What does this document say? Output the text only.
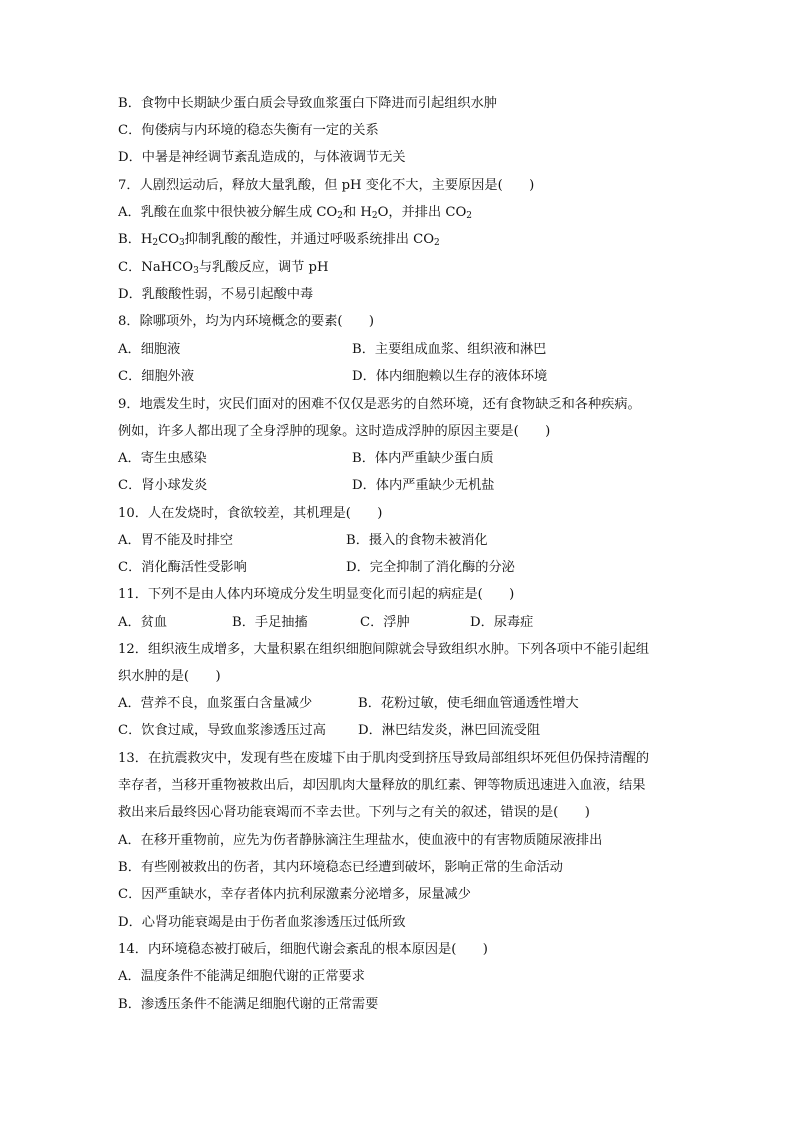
B．食物中长期缺少蛋白质会导致血浆蛋白下降进而引起组织水肿
C．佝偻病与内环境的稳态失衡有一定的关系
D．中暑是神经调节紊乱造成的，与体液调节无关
7．人剧烈运动后，释放大量乳酸，但 pH 变化不大，主要原因是(　　)
A．乳酸在血浆中很快被分解生成 $CO_2$和 $H_2O$，并排出 $CO_2$
B．$H_2CO_3$抑制乳酸的酸性，并通过呼吸系统排出 $CO_2$
C．NaHCO$_3$与乳酸反应，调节 pH
D．乳酸酸性弱，不易引起酸中毒
8．除哪项外，均为内环境概念的要素(　　)
A．细胞液	B．主要组成血浆、组织液和淋巴
C．细胞外液	D．体内细胞赖以生存的液体环境
9．地震发生时，灾民们面对的困难不仅仅是恶劣的自然环境，还有食物缺乏和各种疾病。
例如，许多人都出现了全身浮肿的现象。这时造成浮肿的原因主要是(　　)
A．寄生虫感染	B．体内严重缺少蛋白质
C．肾小球发炎	D．体内严重缺少无机盐
10．人在发烧时，食欲较差，其机理是(　　)
A．胃不能及时排空	B．摄入的食物未被消化
C．消化酶活性受影响	D．完全抑制了消化酶的分泌
11．下列不是由人体内环境成分发生明显变化而引起的病症是(　　)
A．贫血	B．手足抽搐	C．浮肿	D．尿毒症
12．组织液生成增多，大量积累在组织细胞间隙就会导致组织水肿。下列各项中不能引起组
织水肿的是(　　)
A．营养不良，血浆蛋白含量减少	B．花粉过敏，使毛细血管通透性增大
C．饮食过咸，导致血浆渗透压过高 D．淋巴结发炎，淋巴回流受阻
13．在抗震救灾中，发现有些在废墟下由于肌肉受到挤压导致局部组织坏死但仍保持清醒的
幸存者，当移开重物被救出后，却因肌肉大量释放的肌红素、钾等物质迅速进入血液，结果
救出来后最终因心肾功能衰竭而不幸去世。下列与之有关的叙述，错误的是(　　)
A．在移开重物前，应先为伤者静脉滴注生理盐水，使血液中的有害物质随尿液排出
B．有些刚被救出的伤者，其内环境稳态已经遭到破坏，影响正常的生命活动
C．因严重缺水，幸存者体内抗利尿激素分泌增多，尿量减少
D．心肾功能衰竭是由于伤者血浆渗透压过低所致
14．内环境稳态被打破后，细胞代谢会紊乱的根本原因是(　　)
A．温度条件不能满足细胞代谢的正常要求
B．渗透压条件不能满足细胞代谢的正常需要
